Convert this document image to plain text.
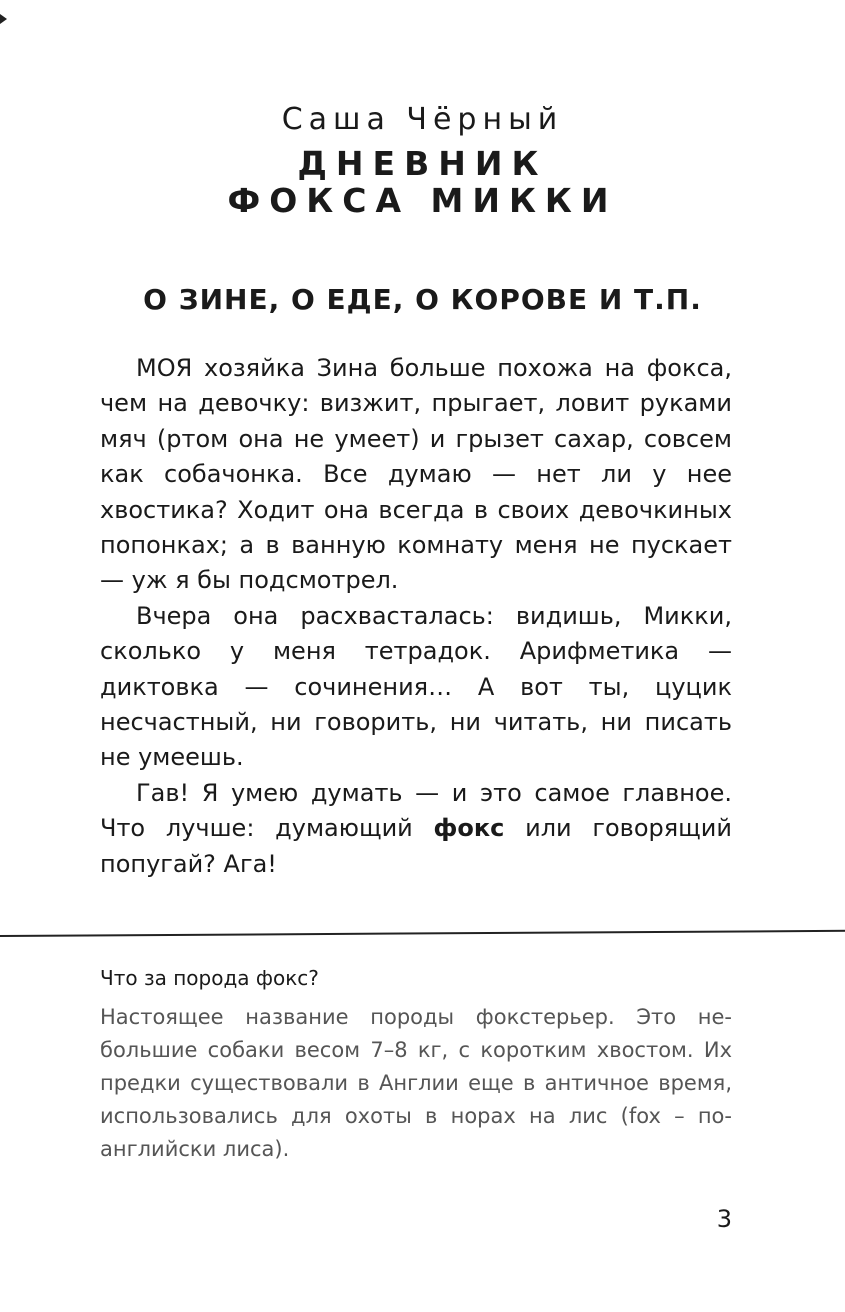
Саша Чёрный
ДНЕВНИК
ФОКСА МИККИ
О ЗИНЕ, О ЕДЕ, О КОРОВЕ И Т.П.

МОЯ хозяйка Зина больше похожа на фокса, чем на девочку: визжит, прыгает, ловит руками мяч (ртом она не умеет) и грызет сахар, совсем как собачонка. Все думаю — нет ли у нее хвостика? Ходит она всегда в своих девочкиных попонках; а в ванную комнату меня не пускает — уж я бы подсмотрел.

Вчера она расхвасталась: видишь, Микки, сколько у меня тетрадок. Арифметика — диктовка — сочинения… А вот ты, цуцик несчастный, ни говорить, ни читать, ни писать не умеешь.

Гав! Я умею думать — и это самое главное. Что лучше: думающий фокс или говорящий попугай? Ага!

Что за порода фокс?

Настоящее название породы фокстерьер. Это небольшие собаки весом 7–8 кг, с коротким хвостом. Их предки существовали в Англии еще в античное время, использовались для охоты в норах на лис (fox – по-английски лиса).

3
